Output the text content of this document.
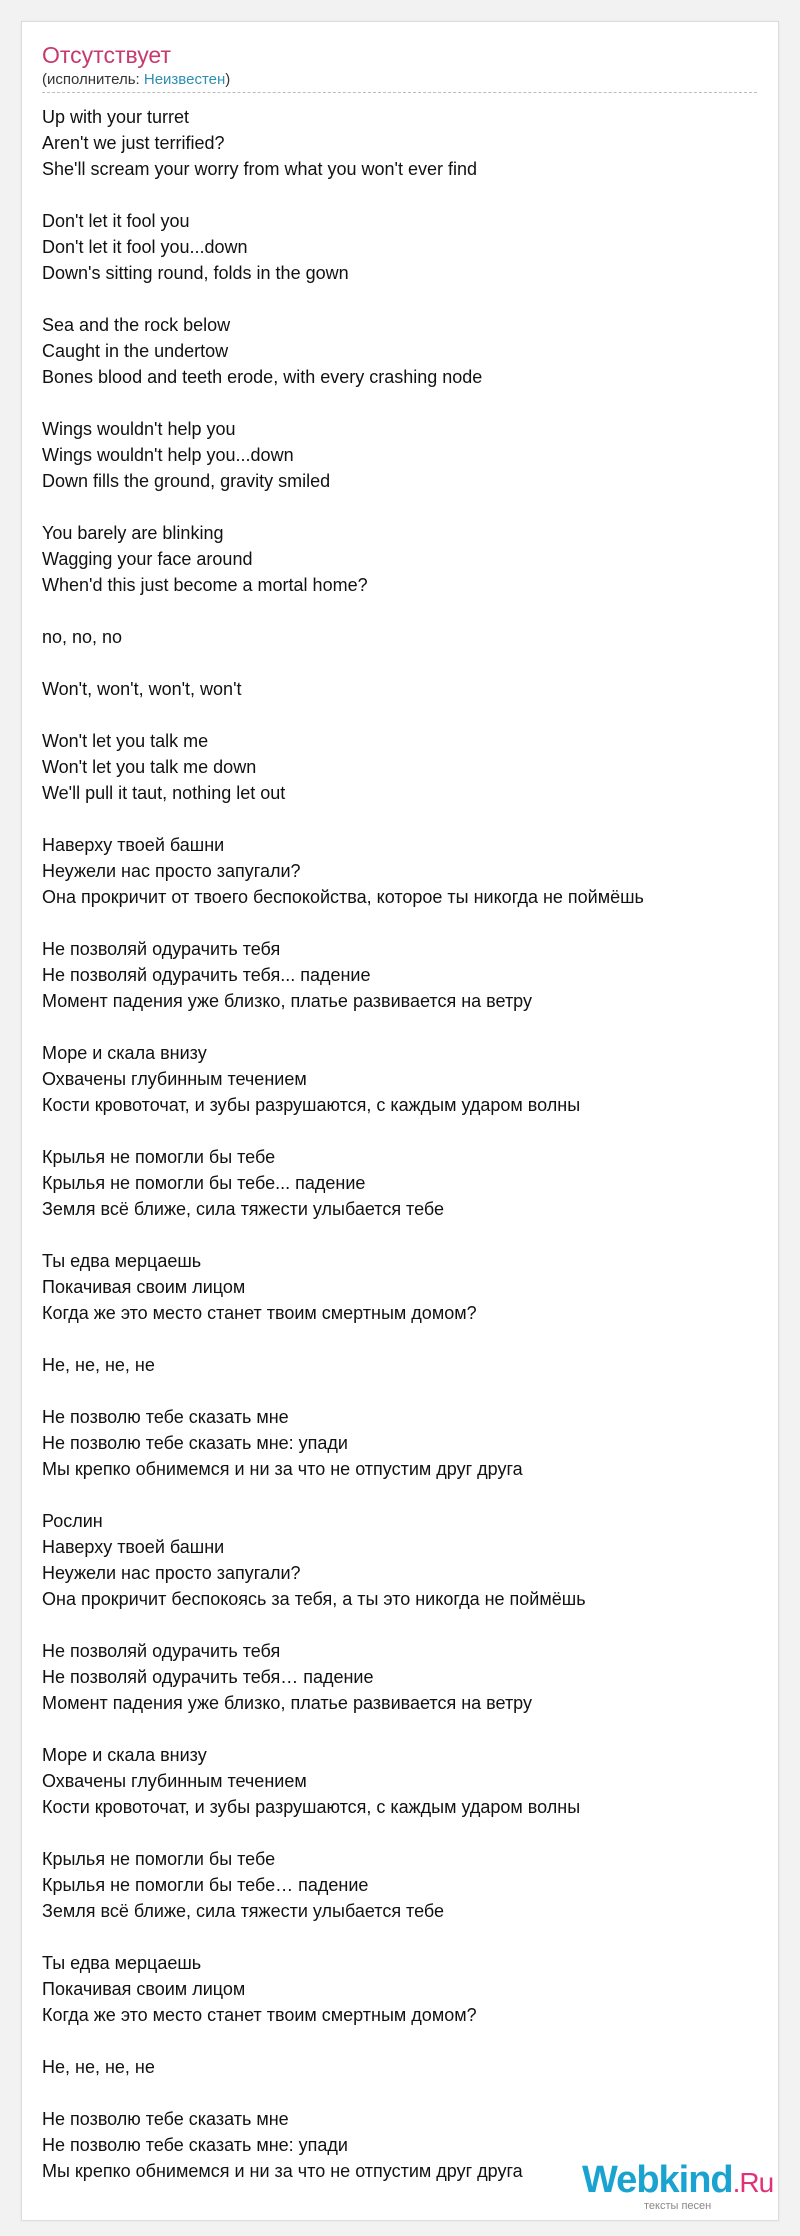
Отсутствует
(исполнитель: Неизвестен)
Up with your turret
Aren't we just terrified?
She'll scream your worry from what you won't ever find
Don't let it fool you
Don't let it fool you...down
Down's sitting round, folds in the gown
Sea and the rock below
Caught in the undertow
Bones blood and teeth erode, with every crashing node
Wings wouldn't help you
Wings wouldn't help you...down
Down fills the ground, gravity smiled
You barely are blinking
Wagging your face around
When'd this just become a mortal home?
no, no, no
Won't, won't, won't, won't
Won't let you talk me
Won't let you talk me down
We'll pull it taut, nothing let out
Наверху твоей башни
Неужели нас просто запугали?
Она прокричит от твоего беспокойства, которое ты никогда не поймёшь
Не позволяй одурачить тебя
Не позволяй одурачить тебя... падение
Момент падения уже близко, платье развивается на ветру
Море и скала внизу
Охвачены глубинным течением
Кости кровоточат, и зубы разрушаются, с каждым ударом волны
Крылья не помогли бы тебе
Крылья не помогли бы тебе... падение
Земля всё ближе, сила тяжести улыбается тебе
Ты едва мерцаешь
Покачивая своим лицом
Когда же это место станет твоим смертным домом?
Не, не, не, не
Не позволю тебе сказать мне
Не позволю тебе сказать мне: упади
Мы крепко обнимемся и ни за что не отпустим друг друга
Рослин
Наверху твоей башни
Неужели нас просто запугали?
Она прокричит беспокоясь за тебя, а ты это никогда не поймёшь
Не позволяй одурачить тебя
Не позволяй одурачить тебя… падение
Момент падения уже близко, платье развивается на ветру
Море и скала внизу
Охвачены глубинным течением
Кости кровоточат, и зубы разрушаются, с каждым ударом волны
Крылья не помогли бы тебе
Крылья не помогли бы тебе… падение
Земля всё ближе, сила тяжести улыбается тебе
Ты едва мерцаешь
Покачивая своим лицом
Когда же это место станет твоим смертным домом?
Не, не, не, не
Не позволю тебе сказать мне
Не позволю тебе сказать мне: упади
Мы крепко обнимемся и ни за что не отпустим друг друга	Webkind.Ru
тексты песен
